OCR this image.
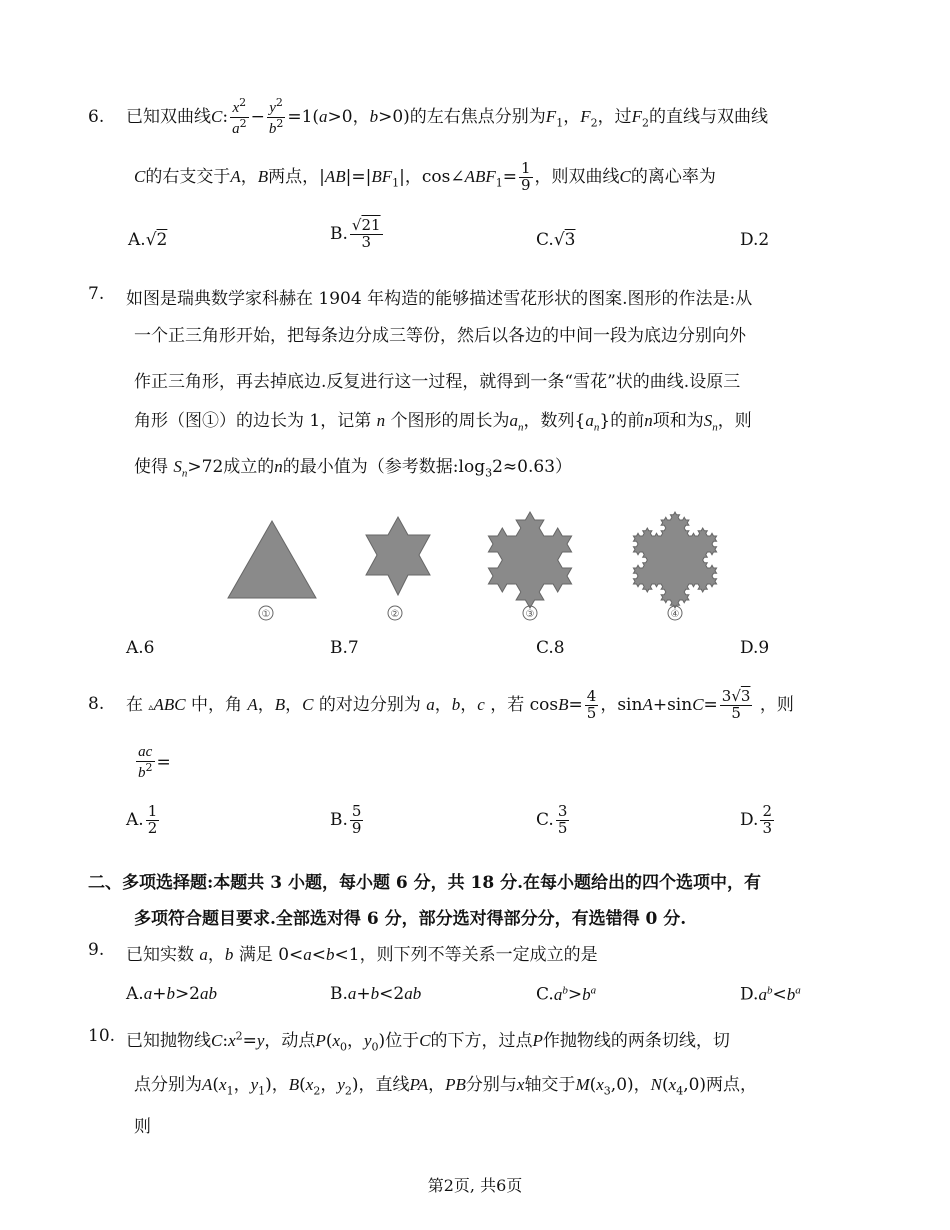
6. 已知双曲线C: $\frac{x^2}{a^2} - \frac{y^2}{b^2} =1(a>0$，b>0)的左右焦点分别为$F_1$，$F_2$，过$F_2$的直线与双曲线
C的右支交于A，B两点，$|AB|=|BF_1|$，$\cos\angle ABF_1= \frac{1}{9}$ ，则双曲线C的离心率为
A.√2	B. $\frac{√21}{3}$	C.√3	D.2
7. 如图是瑞典数学家科赫在 1904 年构造的能够描述雪花形状的图案.图形的作法是:从
一个正三角形开始，把每条边分成三等份，然后以各边的中间一段为底边分别向外
作正三角形，再去掉底边.反复进行这一过程，就得到一条“雪花”状的曲线.设原三
角形（图①）的边长为 1，记第 n 个图形的周长为$a_n$，数列$\{a_n\}$的前n项和为$S_n$，则
使得 $S_n>72$成立的n的最小值为（参考数据$:\log_32\approx 0.63$）
①	②	③	④
A.6	B.7	C.8	D.9
8. 在 ▵ABC 中，角 A，B，C 的对边分别为 a，b，c ，若 $\cos B= \frac{4}{5}$ ，$\sin A+\sin C= \frac{3√3}{5}$ ，则
$\frac{ac}{b^2}$ =
A. $\frac{1}{2}$	B. $\frac{5}{9}$	C. $\frac{3}{5}$	D. $\frac{2}{3}$
二、多项选择题:本题共 3 小题，每小题 6 分，共 18 分.在每小题给出的四个选项中，有
多项符合题目要求.全部选对得 6 分，部分选对得部分分，有选错得 0 分.
9. 已知实数 a，b 满足 0<a<b<1，则下列不等关系一定成立的是
A.a+b>2ab	B.a+b<2ab	$C.a^b>b^a$	$D.a^b<b^a$
10. 已知抛物线$C:x^2=y$，动点$P(x_0$，$y_0$)位于C的下方，过点P作抛物线的两条切线，切
点分别为$A(x_1$，$y_1$)，$B(x_2$，$y_2$)，直线PA，PB分别与x轴交于$M(x_3,0)$，$N(x_4,0)$两点，
则
第2页, 共6页
